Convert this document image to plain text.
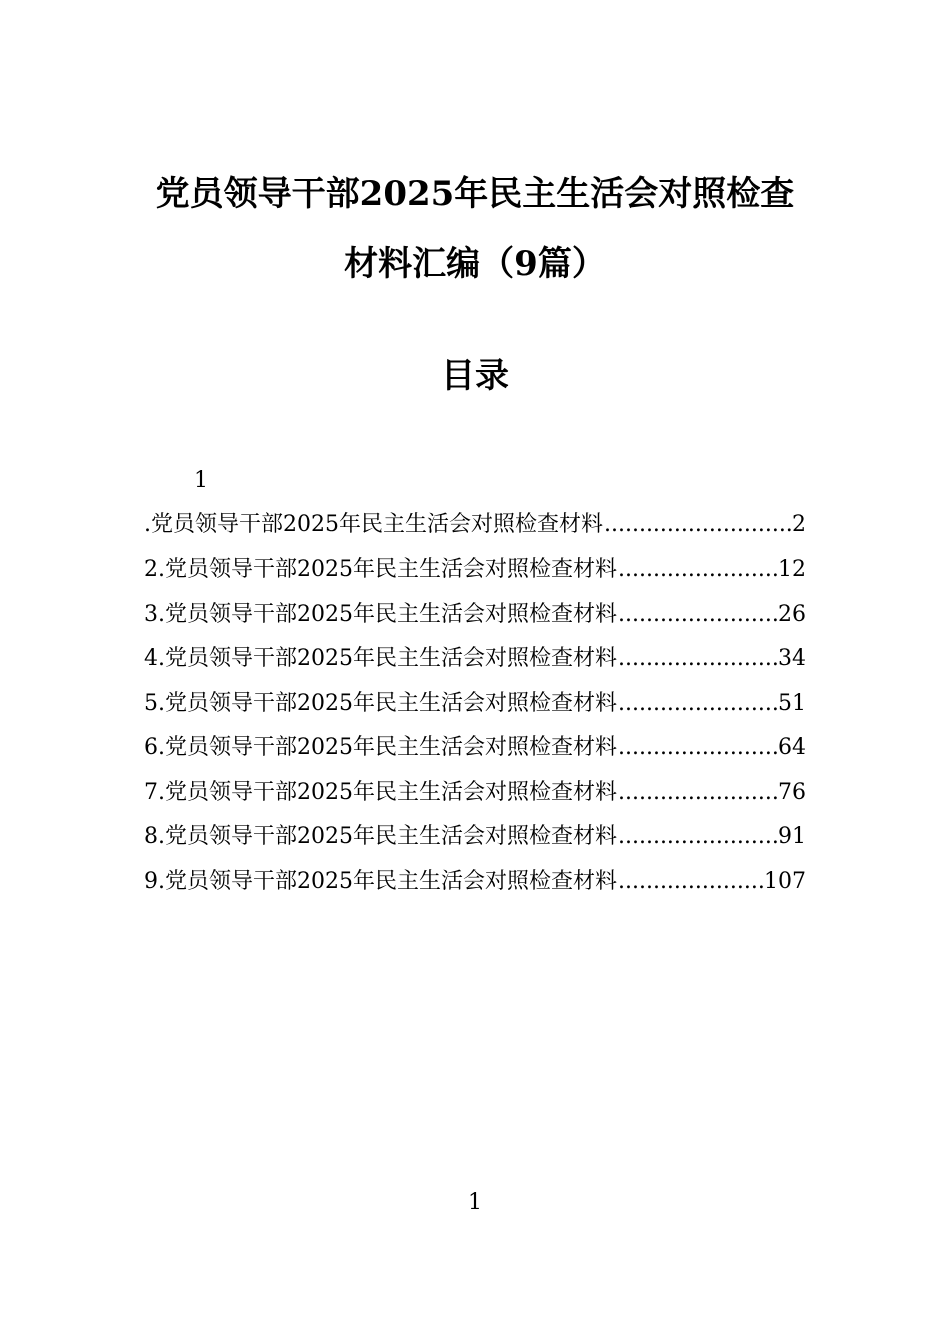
党员领导干部2025年民主生活会对照检查
材料汇编（9篇）
目录
1
.党员领导干部2025年民主生活会对照检查材料 .....	2
2.党员领导干部2025年民主生活会对照检查材料 .....	12
3.党员领导干部2025年民主生活会对照检查材料 .....	26
4.党员领导干部2025年民主生活会对照检查材料 .....	34
5.党员领导干部2025年民主生活会对照检查材料 .....	51
6.党员领导干部2025年民主生活会对照检查材料 .....	64
7.党员领导干部2025年民主生活会对照检查材料 .....	76
8.党员领导干部2025年民主生活会对照检查材料 .....	91
9.党员领导干部2025年民主生活会对照检查材料 .....	107
1
